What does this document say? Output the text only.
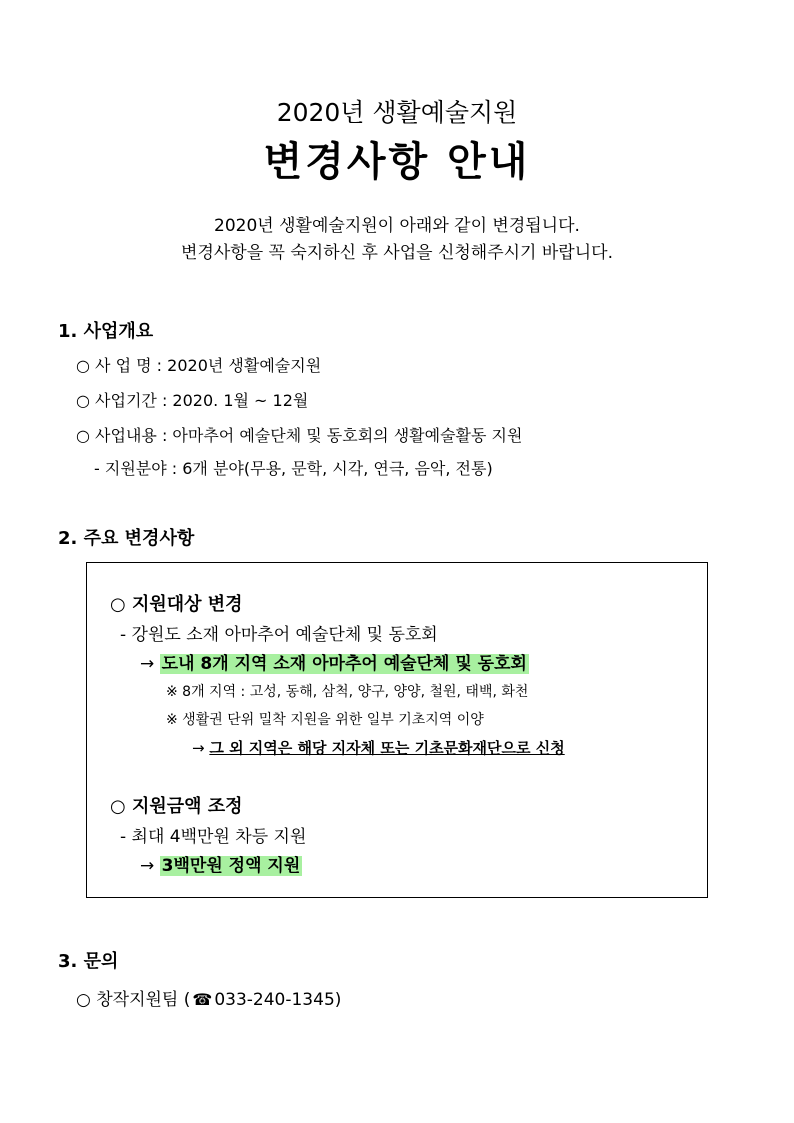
2020년 생활예술지원
변경사항 안내
2020년 생활예술지원이 아래와 같이 변경됩니다.
변경사항을 꼭 숙지하신 후 사업을 신청해주시기 바랍니다.
1. 사업개요
○ 사 업 명 : 2020년 생활예술지원
○ 사업기간 : 2020. 1월 ~ 12월
○ 사업내용 : 아마추어 예술단체 및 동호회의 생활예술활동 지원
- 지원분야 : 6개 분야(무용, 문학, 시각, 연극, 음악, 전통)
2. 주요 변경사항
○ 지원대상 변경
- 강원도 소재 아마추어 예술단체 및 동호회
→ 도내 8개 지역 소재 아마추어 예술단체 및 동호회
※ 8개 지역 : 고성, 동해, 삼척, 양구, 양양, 철원, 태백, 화천
※ 생활권 단위 밀착 지원을 위한 일부 기초지역 이양
→ 그 외 지역은 해당 지자체 또는 기초문화재단으로 신청
○ 지원금액 조정
- 최대 4백만원 차등 지원
→ 3백만원 정액 지원
3. 문의
○ 창작지원팀 ( ☎ 033-240-1345)
